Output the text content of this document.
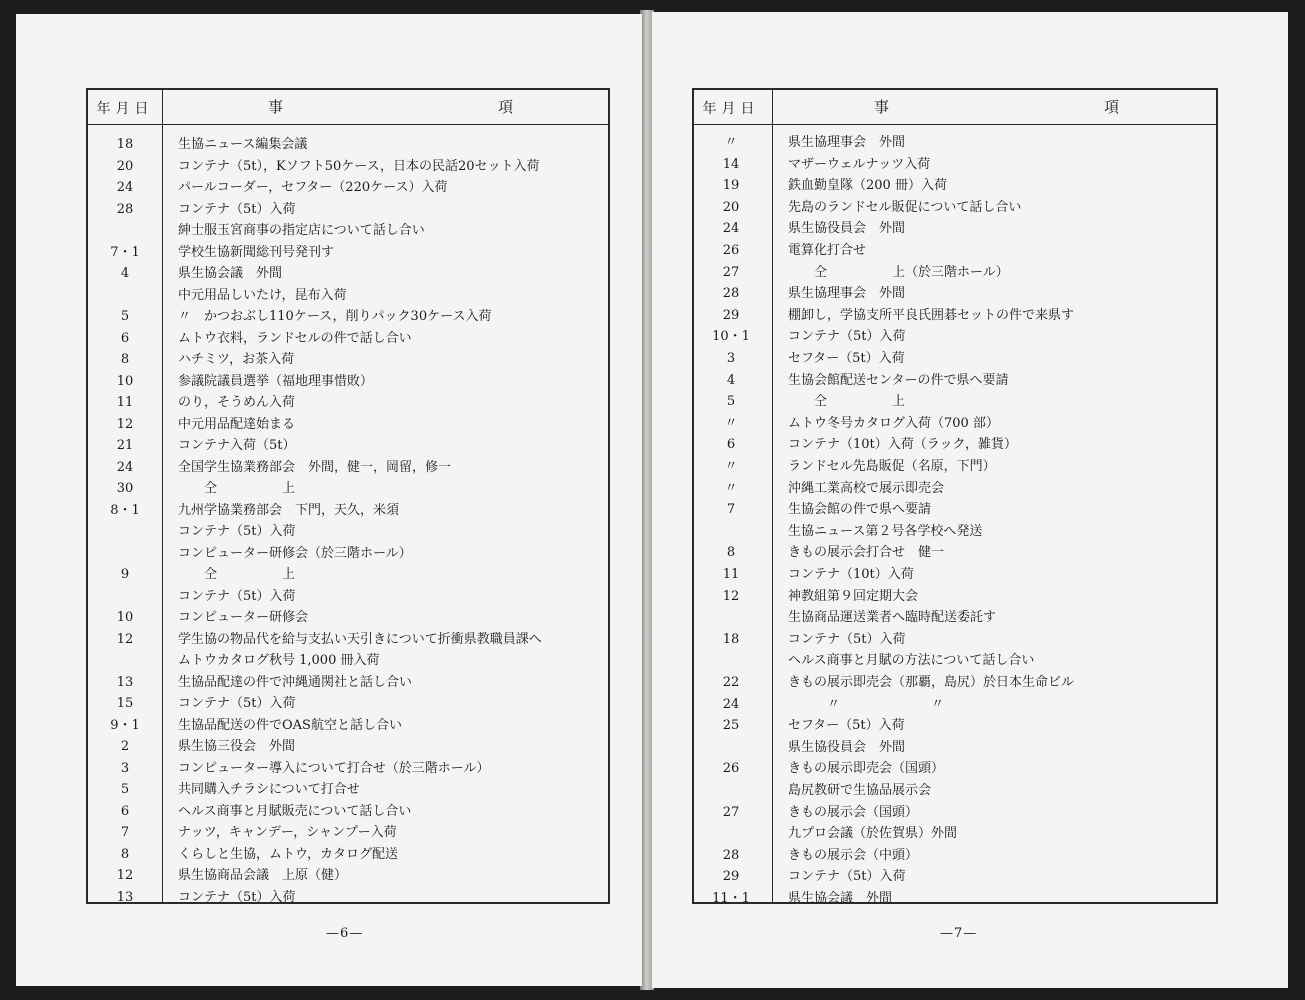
年月日	事	項
18	生協ニュース編集会議
20	コンテナ（5t），Kソフト50ケース，日本の民話20セット入荷
24	パールコーダー，セフター（220ケース）入荷
28	コンテナ（5t）入荷
紳士服玉宮商事の指定店について話し合い
7・1	学校生協新聞総刊号発刊す
4	県生協会議　外間
中元用品しいたけ，昆布入荷
5	〃　かつおぶし110ケース，削りパック30ケース入荷
6	ムトウ衣料，ランドセルの件で話し合い
8	ハチミツ，お茶入荷
10	参議院議員選挙（福地理事惜敗）
11	のり，そうめん入荷
12	中元用品配達始まる
21	コンテナ入荷（5t）
24	全国学生協業務部会　外間，健一，岡留，修一
30	　　仝　　　　　上
8・1	九州学協業務部会　下門，天久，米須
コンテナ（5t）入荷
コンピューター研修会（於三階ホール）
9	　　仝　　　　　上
コンテナ（5t）入荷
10	コンピューター研修会
12	学生協の物品代を給与支払い天引きについて折衝県教職員課へ
ムトウカタログ秋号 1,000 冊入荷
13	生協品配達の件で沖縄通関社と話し合い
15	コンテナ（5t）入荷
9・1	生協品配送の件でOAS航空と話し合い
2	県生協三役会　外間
3	コンピューター導入について打合せ（於三階ホール）
5	共同購入チラシについて打合せ
6	ヘルス商事と月賦販売について話し合い
7	ナッツ，キャンデー，シャンプー入荷
8	くらしと生協，ムトウ，カタログ配送
12	県生協商品会議　上原（健）
13	コンテナ（5t）入荷
—6—
年月日	事	項
〃	県生協理事会　外間
14	マザーウェルナッツ入荷
19	鉄血勤皇隊（200 冊）入荷
20	先島のランドセル販促について話し合い
24	県生協役員会　外間
26	電算化打合せ
27	　　仝　　　　　上（於三階ホール）
28	県生協理事会　外間
29	棚卸し，学協支所平良氏囲碁セットの件で来県す
10・1	コンテナ（5t）入荷
3	セフター（5t）入荷
4	生協会館配送センターの件で県へ要請
5	　　仝　　　　　上
〃	ムトウ冬号カタログ入荷（700 部）
6	コンテナ（10t）入荷（ラック，雑貨）
〃	ランドセル先島販促（名原，下門）
〃	沖縄工業高校で展示即売会
7	生協会館の件で県へ要請
生協ニュース第２号各学校へ発送
8	きもの展示会打合せ　健一
11	コンテナ（10t）入荷
12	神教組第９回定期大会
生協商品運送業者へ臨時配送委託す
18	コンテナ（5t）入荷
ヘルス商事と月賦の方法について話し合い
22	きもの展示即売会（那覇，島尻）於日本生命ビル
24	　　　〃　　　　　　　〃
25	セフター（5t）入荷
県生協役員会　外間
26	きもの展示即売会（国頭）
島尻教研で生協品展示会
27	きもの展示会（国頭）
九プロ会議（於佐賀県）外間
28	きもの展示会（中頭）
29	コンテナ（5t）入荷
11・1	県生協会議　外間
—7—
